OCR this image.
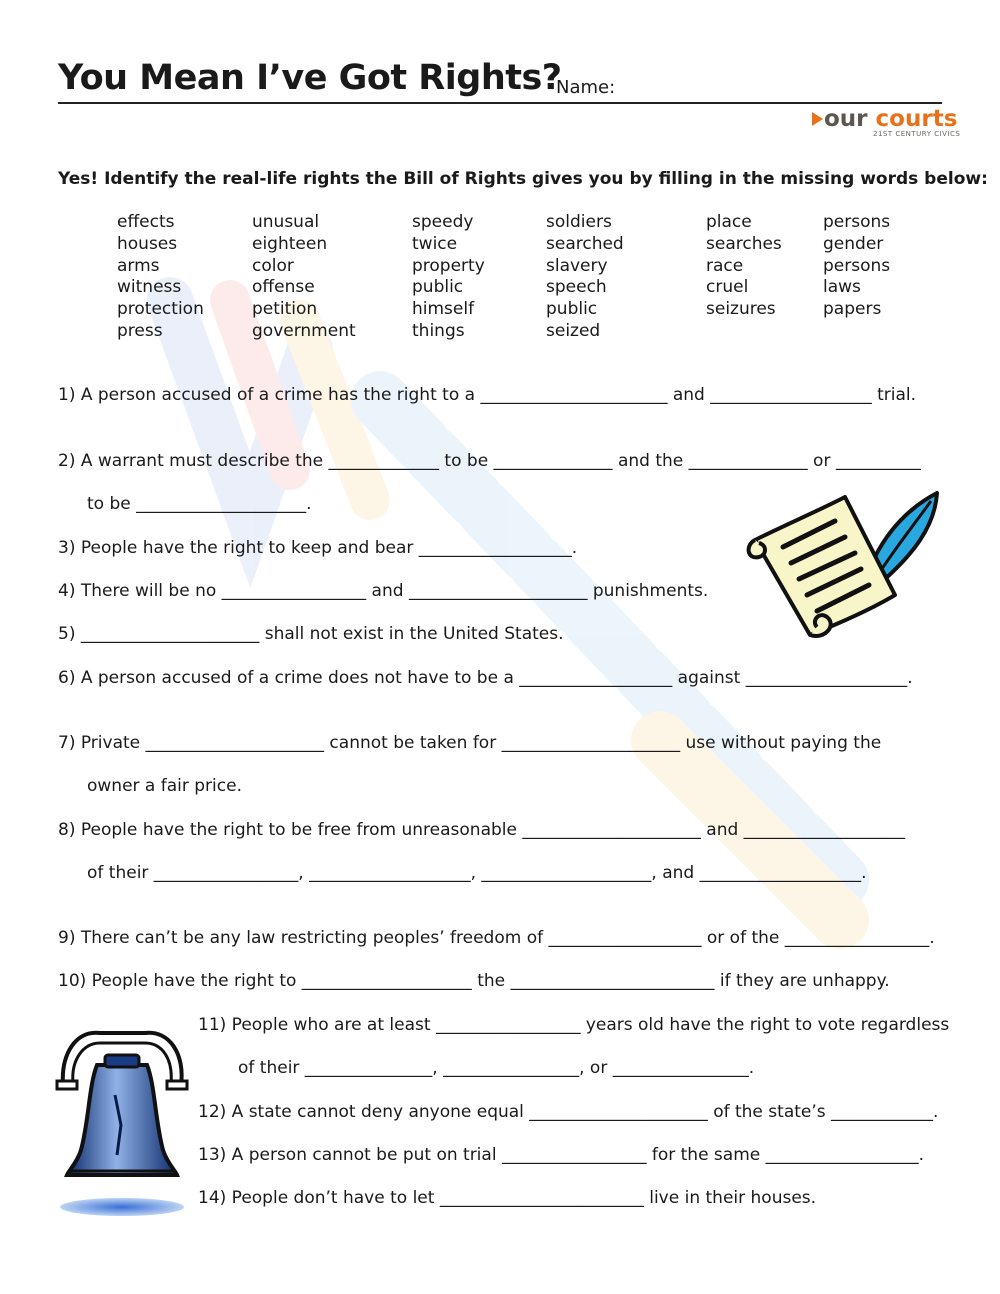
You Mean I’ve Got Rights?
Name:
our courts
21ST CENTURY CIVICS
Yes! Identify the real-life rights the Bill of Rights gives you by filling in the missing words below:
effects
houses
arms
witness
protection
press
unusual
eighteen
color
offense
petition
government
speedy
twice
property
public
himself
things
soldiers
searched
slavery
speech
public
seized
place
searches
race
cruel
seizures
persons
gender
persons
laws
papers
1) A person accused of a crime has the right to a ______________________ and ___________________ trial.
2) A warrant must describe the _____________ to be ______________ and the ______________ or __________
to be ____________________.
3) People have the right to keep and bear __________________.
4) There will be no _________________ and _____________________ punishments.
5) _____________________ shall not exist in the United States.
6) A person accused of a crime does not have to be a __________________ against ___________________.
7) Private _____________________ cannot be taken for _____________________ use without paying the
owner a fair price.
8) People have the right to be free from unreasonable _____________________ and ___________________
of their _________________, ___________________, ____________________, and ___________________.
9) There can’t be any law restricting peoples’ freedom of __________________ or of the _________________.
10) People have the right to ____________________ the ________________________ if they are unhappy.
11) People who are at least _________________ years old have the right to vote regardless
of their _______________, ________________, or ________________.
12) A state cannot deny anyone equal _____________________ of the state’s ____________.
13) A person cannot be put on trial _________________ for the same __________________.
14) People don’t have to let ________________________ live in their houses.
